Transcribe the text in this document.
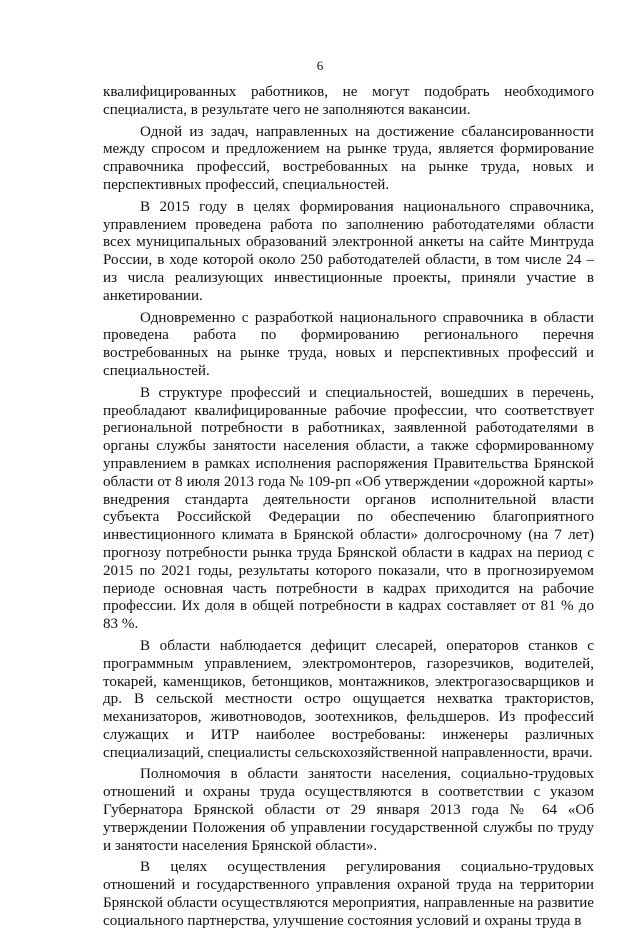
6

квалифицированных работников, не могут подобрать необходимого специалиста, в результате чего не заполняются вакансии.

Одной из задач, направленных на достижение сбалансированности между спросом и предложением на рынке труда, является формирование справочника профессий, востребованных на рынке труда, новых и перспективных профессий, специальностей.

В 2015 году в целях формирования национального справочника, управлением проведена работа по заполнению работодателями области всех муниципальных образований электронной анкеты на сайте Минтруда России, в ходе которой около 250 работодателей области, в том числе 24 – из числа реализующих инвестиционные проекты, приняли участие в анкетировании.

Одновременно с разработкой национального справочника в области проведена работа по формированию регионального перечня востребованных на рынке труда, новых и перспективных профессий и специальностей.

В структуре профессий и специальностей, вошедших в перечень, преобладают квалифицированные рабочие профессии, что соответствует региональной потребности в работниках, заявленной работодателями в органы службы занятости населения области, а также сформированному управлением в рамках исполнения распоряжения Правительства Брянской области от 8 июля 2013 года № 109-рп «Об утверждении «дорожной карты» внедрения стандарта деятельности органов исполнительной власти субъекта Российской Федерации по обеспечению благоприятного инвестиционного климата в Брянской области» долгосрочному (на 7 лет) прогнозу потребности рынка труда Брянской области в кадрах на период с 2015 по 2021 годы, результаты которого показали, что в прогнозируемом периоде основная часть потребности в кадрах приходится на рабочие профессии. Их доля в общей потребности в кадрах составляет от 81 % до 83 %.

В области наблюдается дефицит слесарей, операторов станков с программным управлением, электромонтеров, газорезчиков, водителей, токарей, каменщиков, бетонщиков, монтажников, электрогазосварщиков и др. В сельской местности остро ощущается нехватка трактористов, механизаторов, животноводов, зоотехников, фельдшеров. Из профессий служащих и ИТР наиболее востребованы: инженеры различных специализаций, специалисты сельскохозяйственной направленности, врачи.

Полномочия в области занятости населения, социально-трудовых отношений и охраны труда осуществляются в соответствии с указом Губернатора Брянской области от 29 января 2013 года № 64 «Об утверждении Положения об управлении государственной службы по труду и занятости населения Брянской области».

В целях осуществления регулирования социально-трудовых отношений и государственного управления охраной труда на территории Брянской области осуществляются мероприятия, направленные на развитие социального партнерства, улучшение состояния условий и охраны труда в
